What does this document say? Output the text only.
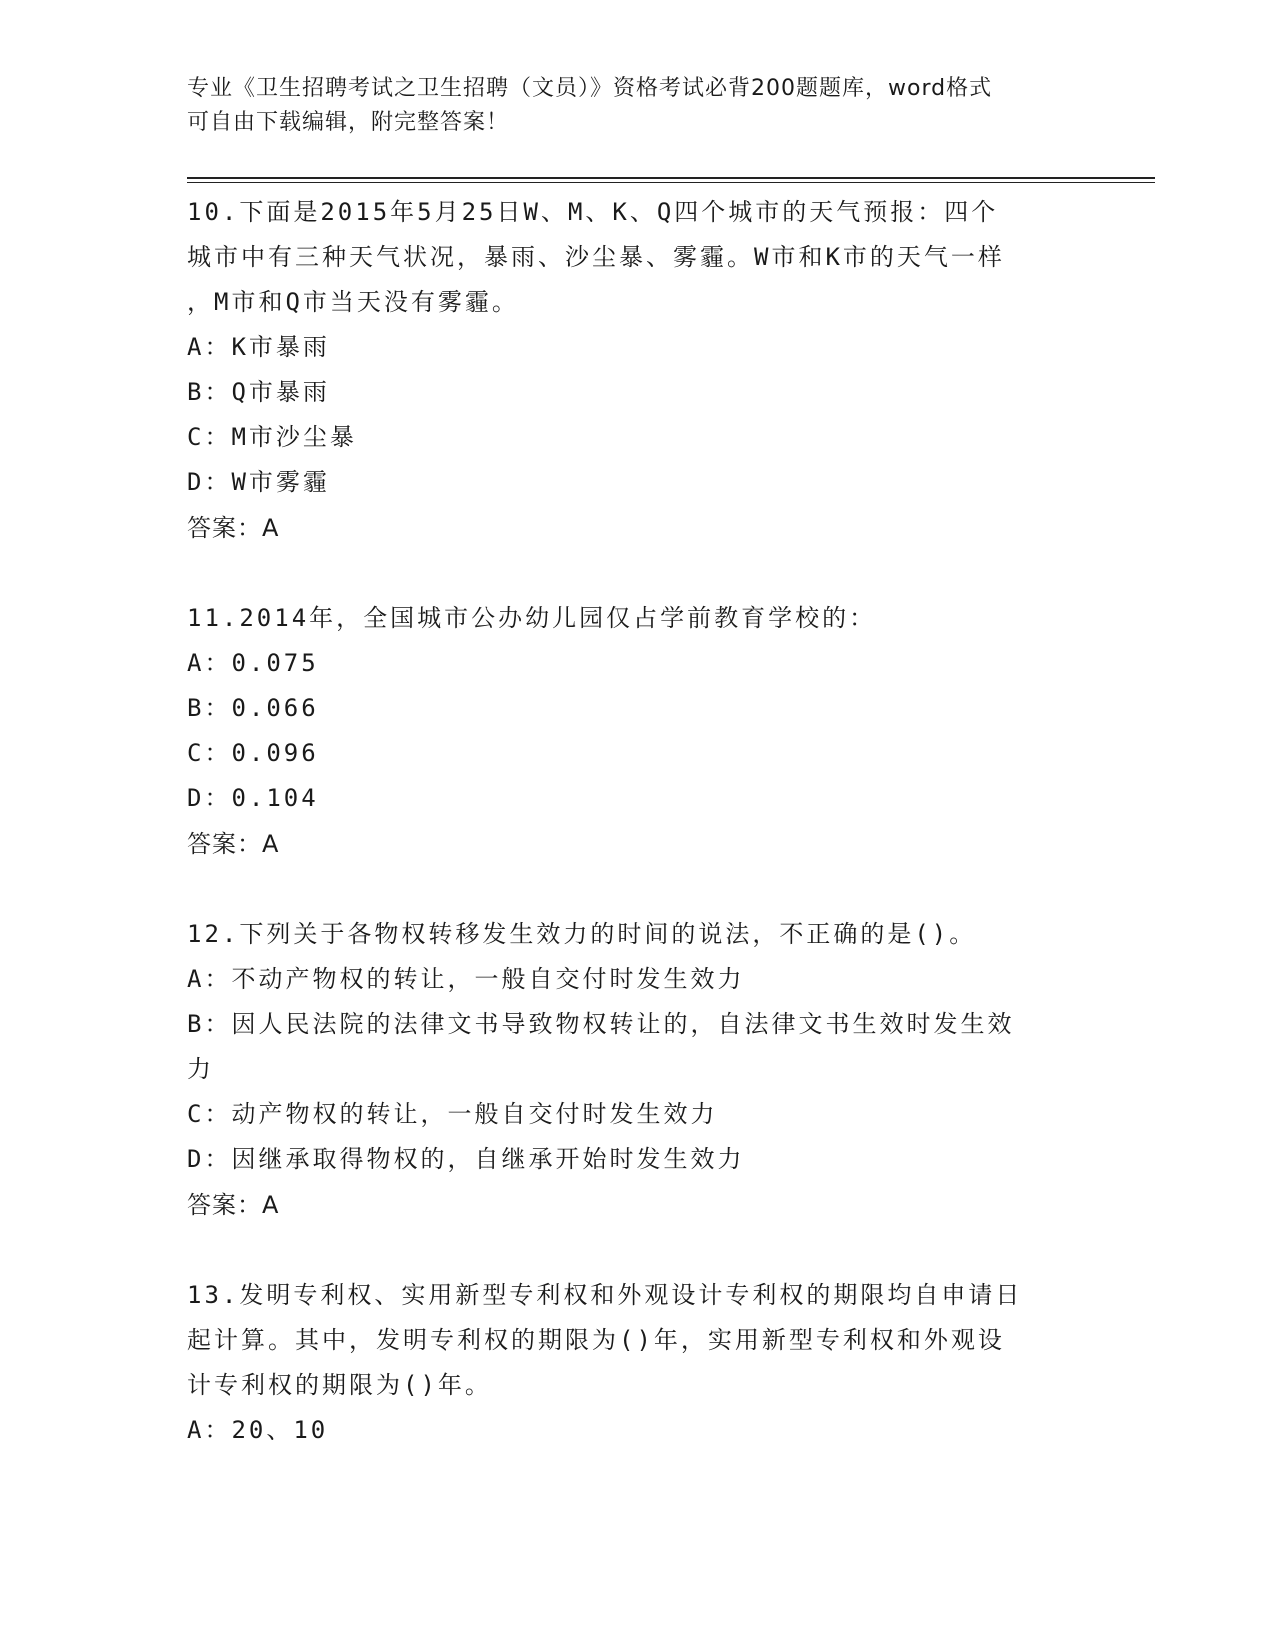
专业《卫生招聘考试之卫生招聘（文员）》资格考试必背200题题库，word格式
可自由下载编辑，附完整答案！
10.下面是2015年5月25日W、M、K、Q四个城市的天气预报：四个
城市中有三种天气状况，暴雨、沙尘暴、雾霾。W市和K市的天气一样
，M市和Q市当天没有雾霾。
A：K市暴雨
B：Q市暴雨
C：M市沙尘暴
D：W市雾霾
答案：A
11.2014年，全国城市公办幼儿园仅占学前教育学校的：
A：0.075
B：0.066
C：0.096
D：0.104
答案：A
12.下列关于各物权转移发生效力的时间的说法，不正确的是()。
A：不动产物权的转让，一般自交付时发生效力
B：因人民法院的法律文书导致物权转让的，自法律文书生效时发生效
力
C：动产物权的转让，一般自交付时发生效力
D：因继承取得物权的，自继承开始时发生效力
答案：A
13.发明专利权、实用新型专利权和外观设计专利权的期限均自申请日
起计算。其中，发明专利权的期限为()年，实用新型专利权和外观设
计专利权的期限为()年。
A：20、10
